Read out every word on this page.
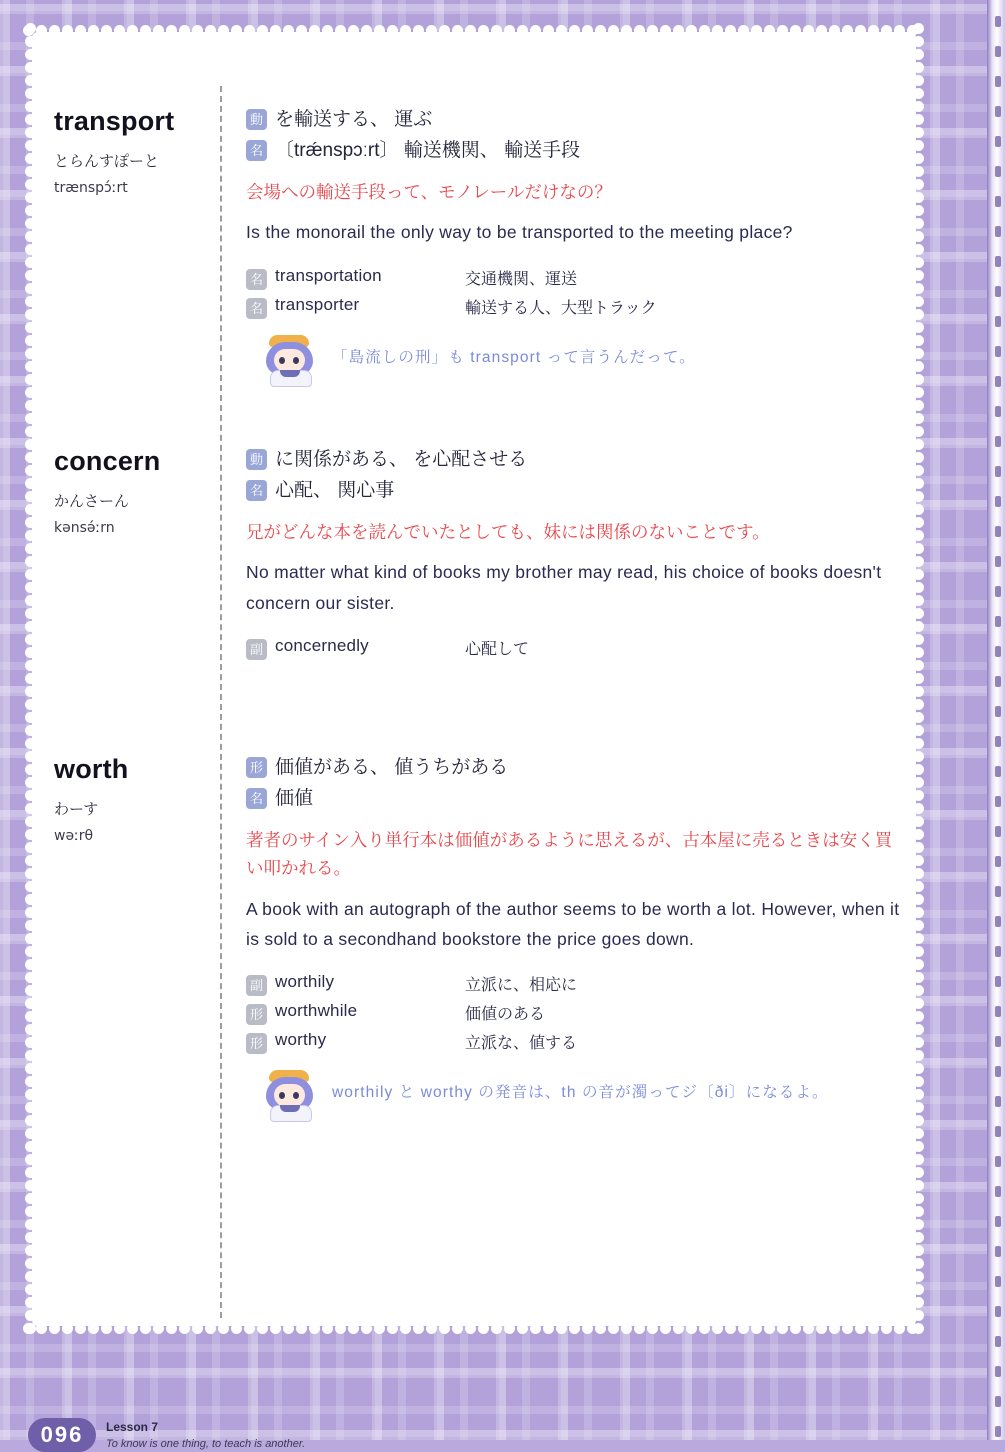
transport
とらんすぽーと
trænspɔ́ːrt
動 を輸送する、 運ぶ
名 〔trǽnspɔːrt〕 輸送機関、 輸送手段
会場への輸送手段って、モノレールだけなの？
Is the monorail the only way to be transported to the meeting place?
名 transportation	交通機関、運送
名 transporter	輸送する人、大型トラック
「島流しの刑」も transport って言うんだって。
concern
かんさーん
kənsə́ːrn
動 に関係がある、 を心配させる
名 心配、 関心事
兄がどんな本を読んでいたとしても、妹には関係のないことです。
No matter what kind of books my brother may read, his choice of books doesn't concern our sister.
副 concernedly	心配して
worth
わーす
wəːrθ
形 価値がある、 値うちがある
名 価値
著者のサイン入り単行本は価値があるように思えるが、古本屋に売るときは安く買い叩かれる。
A book with an autograph of the author seems to be worth a lot. However, when it is sold to a secondhand bookstore the price goes down.
副 worthily	立派に、相応に
形 worthwhile	価値のある
形 worthy	立派な、値する
worthily と worthy の発音は、th の音が濁ってジ〔ði〕になるよ。
096	Lesson 7
To know is one thing, to teach is another.
